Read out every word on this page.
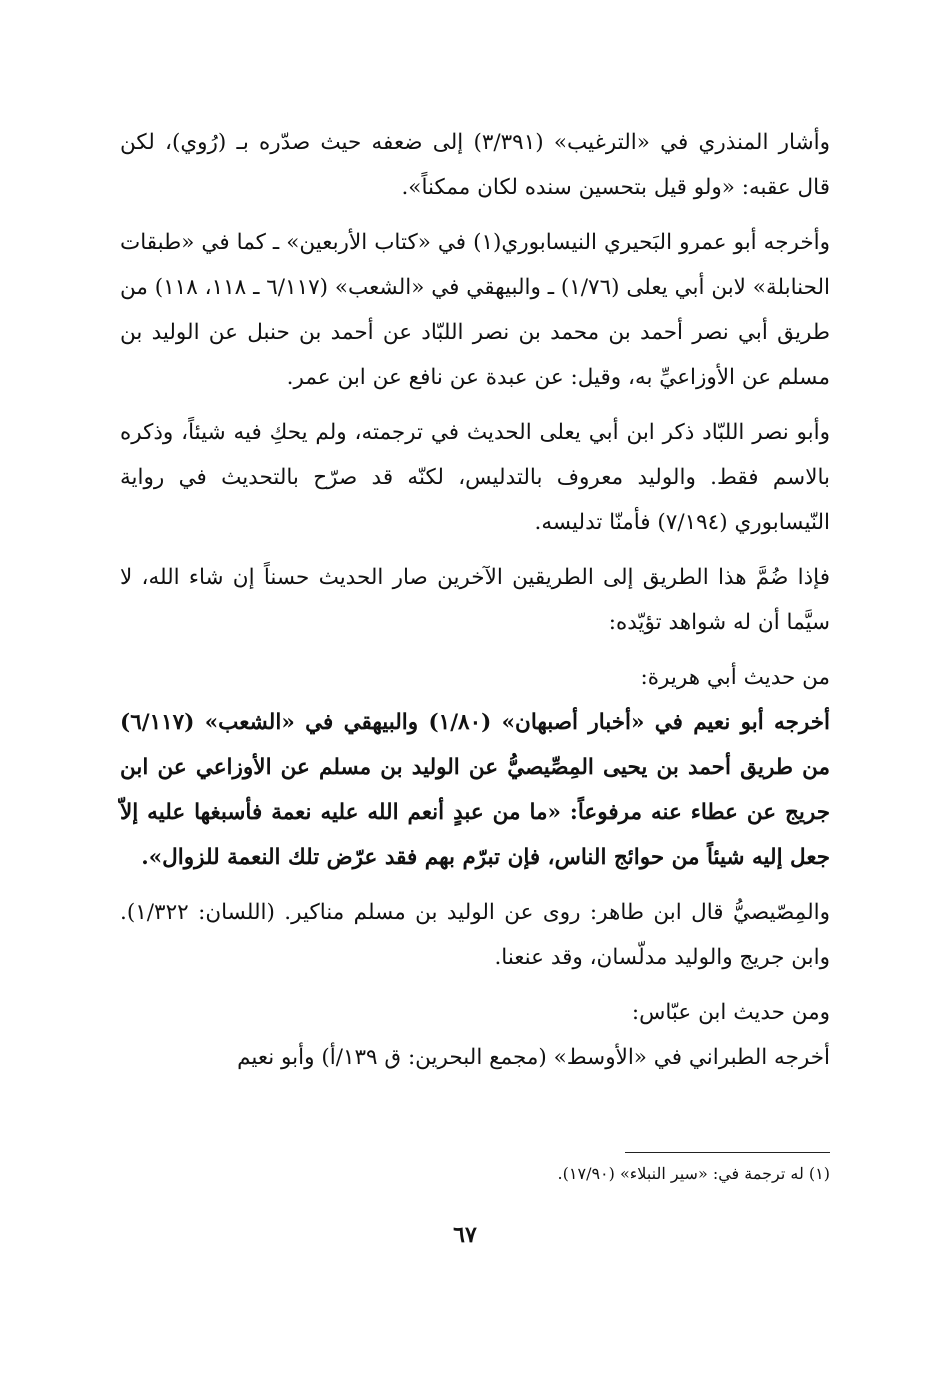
وأشار المنذري في «الترغيب» (٣/٣٩١) إلى ضعفه حيث صدّره بـ (رُوي)، لكن قال عقبه: «ولو قيل بتحسين سنده لكان ممكناً».

وأخرجه أبو عمرو البَحيري النيسابوري(١) في «كتاب الأربعين» ـ كما في «طبقات الحنابلة» لابن أبي يعلى (١/٧٦) ـ والبيهقي في «الشعب» (٦/١١٧ ـ ١١٨، ١١٨) من طريق أبي نصر أحمد بن محمد بن نصر اللبّاد عن أحمد بن حنبل عن الوليد بن مسلم عن الأوزاعيِّ به، وقيل: عن عبدة عن نافع عن ابن عمر.

وأبو نصر اللبّاد ذكر ابن أبي يعلى الحديث في ترجمته، ولم يحكِ فيه شيئاً، وذكره بالاسم فقط. والوليد معروف بالتدليس، لكنّه قد صرّح بالتحديث في رواية النّيسابوري (٧/١٩٤) فأمنّا تدليسه.

فإذا ضُمَّ هذا الطريق إلى الطريقين الآخرين صار الحديث حسناً إن شاء الله، لا سيَّما أن له شواهد تؤيّده:

من حديث أبي هريرة:

أخرجه أبو نعيم في «أخبار أصبهان» (١/٨٠) والبيهقي في «الشعب» (٦/١١٧) من طريق أحمد بن يحيى المِصِّيصيُّ عن الوليد بن مسلم عن الأوزاعي عن ابن جريج عن عطاء عنه مرفوعاً: «ما من عبدٍ أنعم الله عليه نعمة فأسبغها عليه إلاّ جعل إليه شيئاً من حوائج الناس، فإن تبرّم بهم فقد عرّض تلك النعمة للزوال».

والمِصّيصيُّ قال ابن طاهر: روى عن الوليد بن مسلم مناكير. (اللسان: ١/٣٢٢). وابن جريج والوليد مدلّسان، وقد عنعنا.

ومن حديث ابن عبّاس:

أخرجه الطبراني في «الأوسط» (مجمع البحرين: ق ١٣٩/أ) وأبو نعيم

(١) له ترجمة في: «سير النبلاء» (١٧/٩٠).
٦٧
